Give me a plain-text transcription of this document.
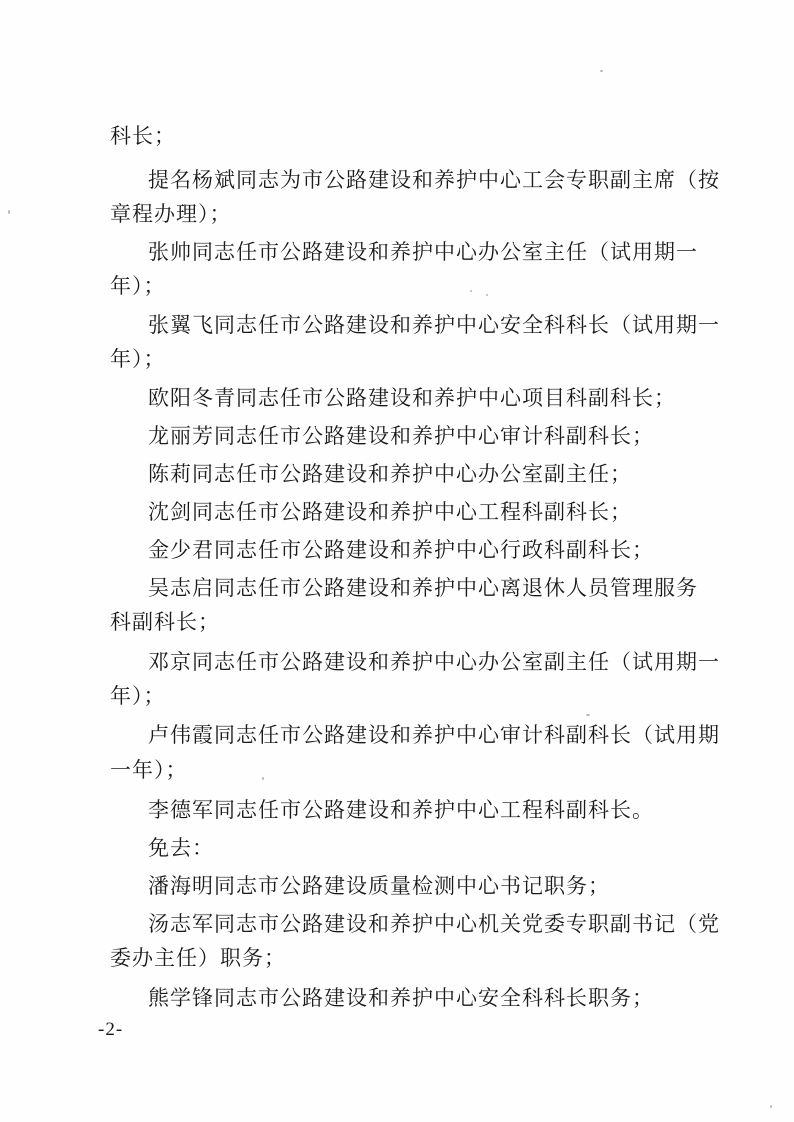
科长；
提名杨斌同志为市公路建设和养护中心工会专职副主席（按
章程办理）；
张帅同志任市公路建设和养护中心办公室主任（试用期一
年）；
张翼飞同志任市公路建设和养护中心安全科科长（试用期一
年）；
欧阳冬青同志任市公路建设和养护中心项目科副科长；
龙丽芳同志任市公路建设和养护中心审计科副科长；
陈莉同志任市公路建设和养护中心办公室副主任；
沈剑同志任市公路建设和养护中心工程科副科长；
金少君同志任市公路建设和养护中心行政科副科长；
吴志启同志任市公路建设和养护中心离退休人员管理服务
科副科长；
邓京同志任市公路建设和养护中心办公室副主任（试用期一
年）；
卢伟霞同志任市公路建设和养护中心审计科副科长（试用期
一年）；
李德军同志任市公路建设和养护中心工程科副科长。
免去：
潘海明同志市公路建设质量检测中心书记职务；
汤志军同志市公路建设和养护中心机关党委专职副书记（党
委办主任）职务；
熊学锋同志市公路建设和养护中心安全科科长职务；
-2-
